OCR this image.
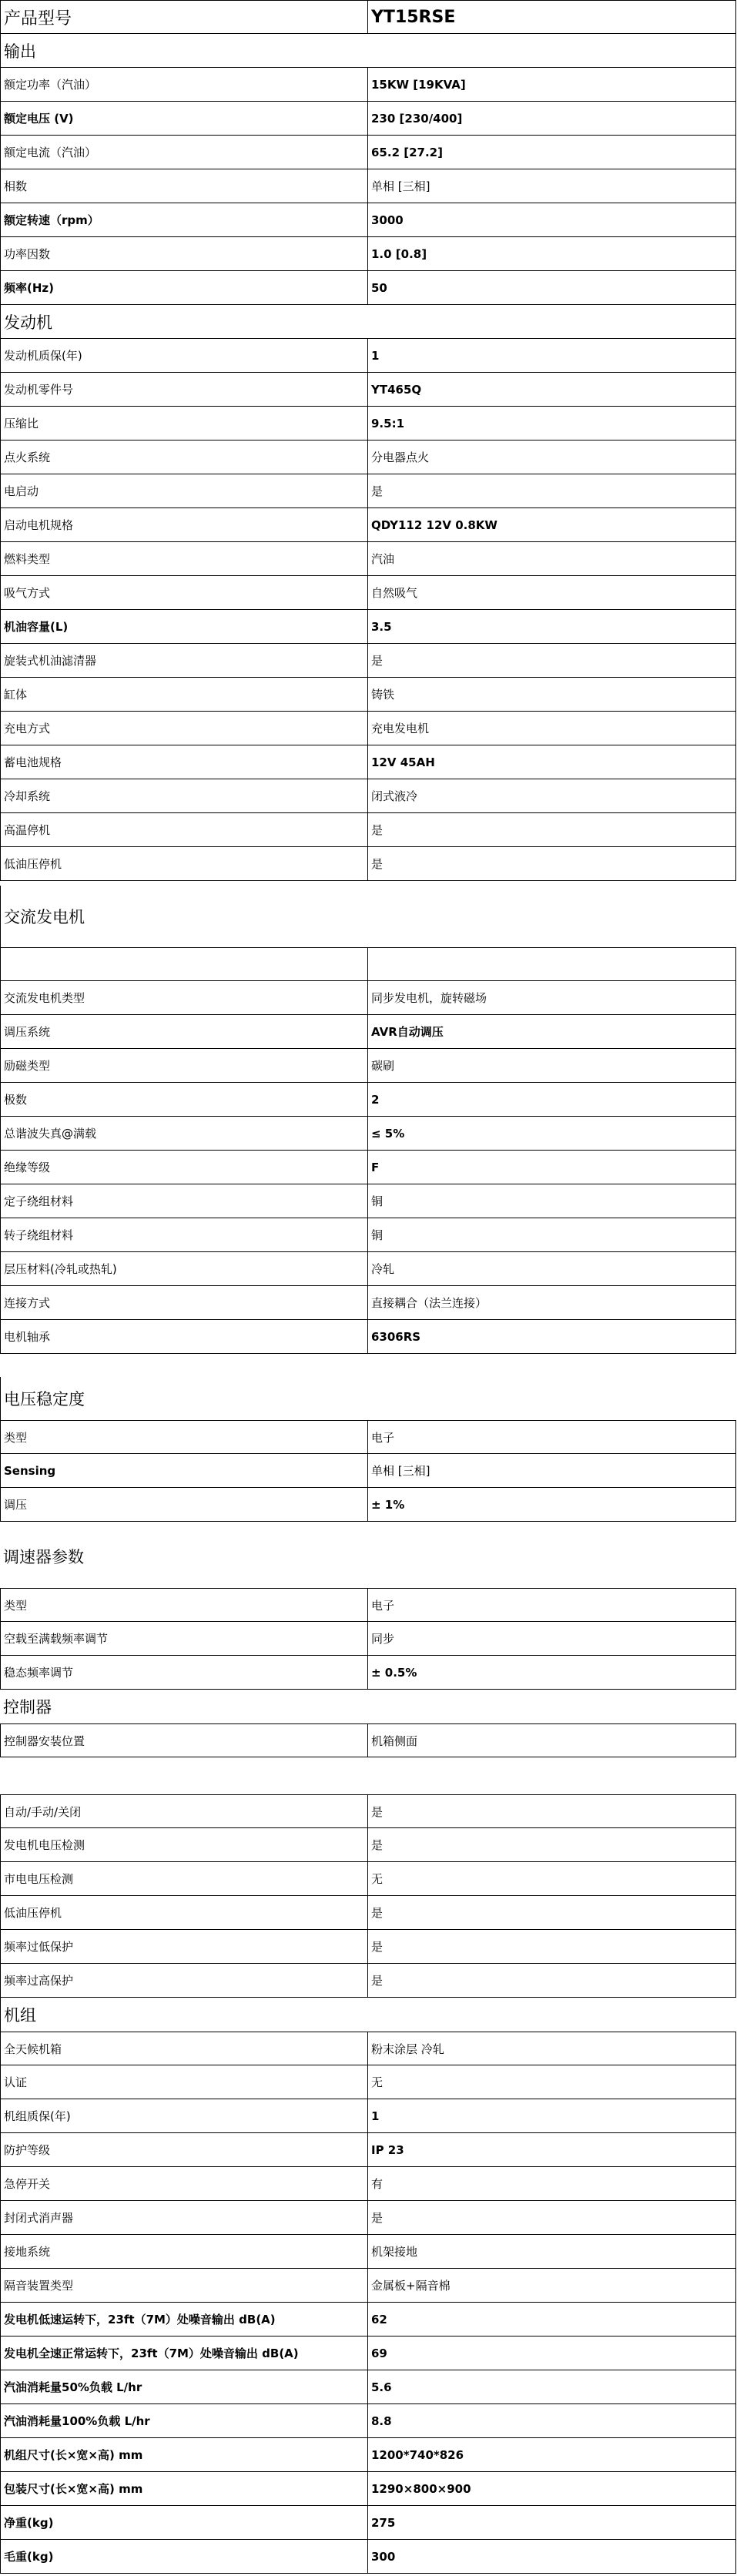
产品型号	YT15RSE
输出
额定功率（汽油）	15KW [19KVA]
额定电压 (V)	230 [230/400]
额定电流（汽油）	65.2 [27.2]
相数	单相 [三相]
额定转速（rpm）	3000
功率因数	1.0 [0.8]
频率(Hz)	50
发动机
发动机质保(年)	1
发动机零件号	YT465Q
压缩比	9.5:1
点火系统	分电器点火
电启动	是
启动电机规格	QDY112 12V 0.8KW
燃料类型	汽油
吸气方式	自然吸气
机油容量(L)	3.5
旋装式机油滤清器	是
缸体	铸铁
充电方式	充电发电机
蓄电池规格	12V 45AH
冷却系统	闭式液冷
高温停机	是
低油压停机	是
交流发电机
交流发电机类型	同步发电机，旋转磁场
调压系统	AVR自动调压
励磁类型	碳刷
极数	2
总谐波失真@满载	≤ 5%
绝缘等级	F
定子绕组材料	铜
转子绕组材料	铜
层压材料(冷轧或热轧)	冷轧
连接方式	直接耦合（法兰连接）
电机轴承	6306RS
电压稳定度
类型	电子
Sensing	单相 [三相]
调压	± 1%
调速器参数
类型	电子
空载至满载频率调节	同步
稳态频率调节	± 0.5%
控制器
控制器安装位置	机箱侧面
自动/手动/关闭	是
发电机电压检测	是
市电电压检测	无
低油压停机	是
频率过低保护	是
频率过高保护	是
机组
全天候机箱	粉末涂层 冷轧
认证	无
机组质保(年)	1
防护等级	IP 23
急停开关	有
封闭式消声器	是
接地系统	机架接地
隔音装置类型	金属板+隔音棉
发电机低速运转下，23ft（7M）处噪音输出 dB(A)	62
发电机全速正常运转下，23ft（7M）处噪音输出 dB(A)	69
汽油消耗量50%负载 L/hr	5.6
汽油消耗量100%负载 L/hr	8.8
机组尺寸(长×宽×高) mm	1200*740*826
包装尺寸(长×宽×高) mm	1290×800×900
净重(kg)	275
毛重(kg)	300
